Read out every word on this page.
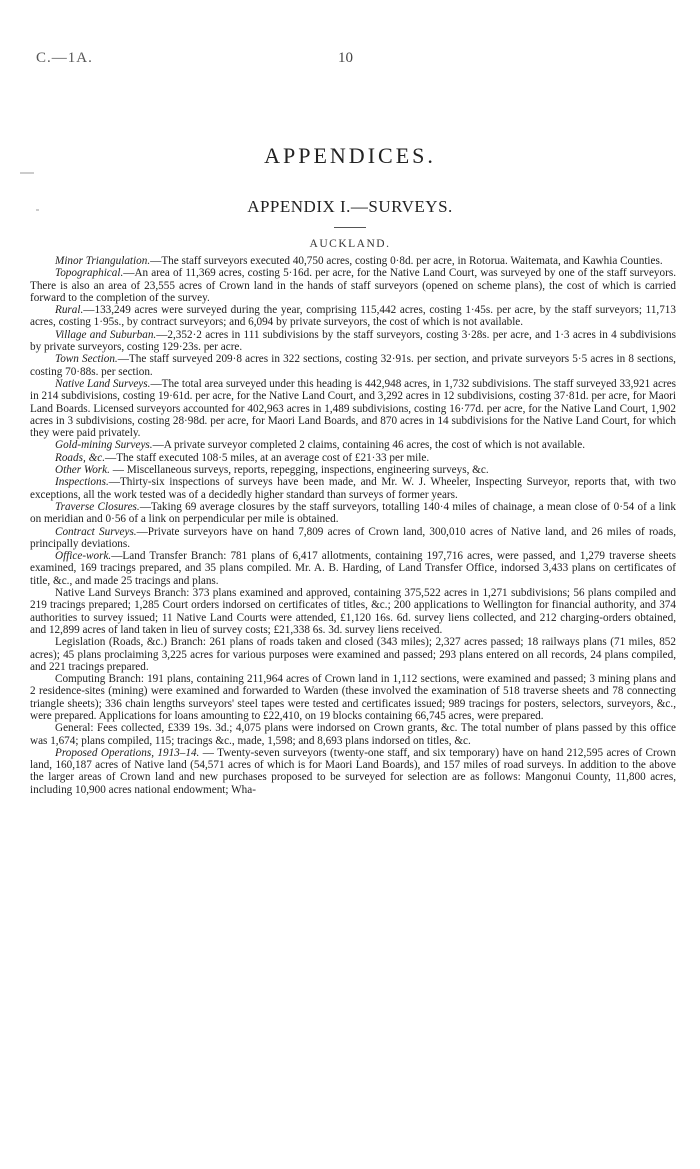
C.—1A.	10
APPENDICES.
APPENDIX I.—SURVEYS.
AUCKLAND.

Minor Triangulation.—The staff surveyors executed 40,750 acres, costing 0·8d. per acre, in Rotorua. Waitemata, and Kawhia Counties.

Topographical.—An area of 11,369 acres, costing 5·16d. per acre, for the Native Land Court, was surveyed by one of the staff surveyors. There is also an area of 23,555 acres of Crown land in the hands of staff surveyors (opened on scheme plans), the cost of which is carried forward to the completion of the survey.

Rural.—133,249 acres were surveyed during the year, comprising 115,442 acres, costing 1·45s. per acre, by the staff surveyors; 11,713 acres, costing 1·95s., by contract surveyors; and 6,094 by private surveyors, the cost of which is not available.

Village and Suburban.—2,352·2 acres in 111 subdivisions by the staff surveyors, costing 3·28s. per acre, and 1·3 acres in 4 subdivisions by private surveyors, costing 129·23s. per acre.

Town Section.—The staff surveyed 209·8 acres in 322 sections, costing 32·91s. per section, and private surveyors 5·5 acres in 8 sections, costing 70·88s. per section.

Native Land Surveys.—The total area surveyed under this heading is 442,948 acres, in 1,732 subdivisions. The staff surveyed 33,921 acres in 214 subdivisions, costing 19·61d. per acre, for the Native Land Court, and 3,292 acres in 12 subdivisions, costing 37·81d. per acre, for Maori Land Boards. Licensed surveyors accounted for 402,963 acres in 1,489 subdivisions, costing 16·77d. per acre, for the Native Land Court, 1,902 acres in 3 subdivisions, costing 28·98d. per acre, for Maori Land Boards, and 870 acres in 14 subdivisions for the Native Land Court, for which they were paid privately.

Gold-mining Surveys.—A private surveyor completed 2 claims, containing 46 acres, the cost of which is not available.

Roads, &c.—The staff executed 108·5 miles, at an average cost of £21·33 per mile.

Other Work. — Miscellaneous surveys, reports, repegging, inspections, engineering surveys, &c.

Inspections.—Thirty-six inspections of surveys have been made, and Mr. W. J. Wheeler, Inspecting Surveyor, reports that, with two exceptions, all the work tested was of a decidedly higher standard than surveys of former years.

Traverse Closures.—Taking 69 average closures by the staff surveyors, totalling 140·4 miles of chainage, a mean close of 0·54 of a link on meridian and 0·56 of a link on perpendicular per mile is obtained.

Contract Surveys.—Private surveyors have on hand 7,809 acres of Crown land, 300,010 acres of Native land, and 26 miles of roads, principally deviations.

Office-work.—Land Transfer Branch: 781 plans of 6,417 allotments, containing 197,716 acres, were passed, and 1,279 traverse sheets examined, 169 tracings prepared, and 35 plans compiled. Mr. A. B. Harding, of Land Transfer Office, indorsed 3,433 plans on certificates of title, &c., and made 25 tracings and plans.

Native Land Surveys Branch: 373 plans examined and approved, containing 375,522 acres in 1,271 subdivisions; 56 plans compiled and 219 tracings prepared; 1,285 Court orders indorsed on certificates of titles, &c.; 200 applications to Wellington for financial authority, and 374 authorities to survey issued; 11 Native Land Courts were attended, £1,120 16s. 6d. survey liens collected, and 212 charging-orders obtained, and 12,899 acres of land taken in lieu of survey costs; £21,338 6s. 3d. survey liens received.

Legislation (Roads, &c.) Branch: 261 plans of roads taken and closed (343 miles); 2,327 acres passed; 18 railways plans (71 miles, 852 acres); 45 plans proclaiming 3,225 acres for various purposes were examined and passed; 293 plans entered on all records, 24 plans compiled, and 221 tracings prepared.

Computing Branch: 191 plans, containing 211,964 acres of Crown land in 1,112 sections, were examined and passed; 3 mining plans and 2 residence-sites (mining) were examined and forwarded to Warden (these involved the examination of 518 traverse sheets and 78 connecting triangle sheets); 336 chain lengths surveyors' steel tapes were tested and certificates issued; 989 tracings for posters, selectors, surveyors, &c., were prepared. Applications for loans amounting to £22,410, on 19 blocks containing 66,745 acres, were prepared.

General: Fees collected, £339 19s. 3d.; 4,075 plans were indorsed on Crown grants, &c. The total number of plans passed by this office was 1,674; plans compiled, 115; tracings &c., made, 1,598; and 8,693 plans indorsed on titles, &c.

Proposed Operations, 1913–14. — Twenty-seven surveyors (twenty-one staff, and six temporary) have on hand 212,595 acres of Crown land, 160,187 acres of Native land (54,571 acres of which is for Maori Land Boards), and 157 miles of road surveys. In addition to the above the larger areas of Crown land and new purchases proposed to be surveyed for selection are as follows: Mangonui County, 11,800 acres, including 10,900 acres national endowment; Wha-
